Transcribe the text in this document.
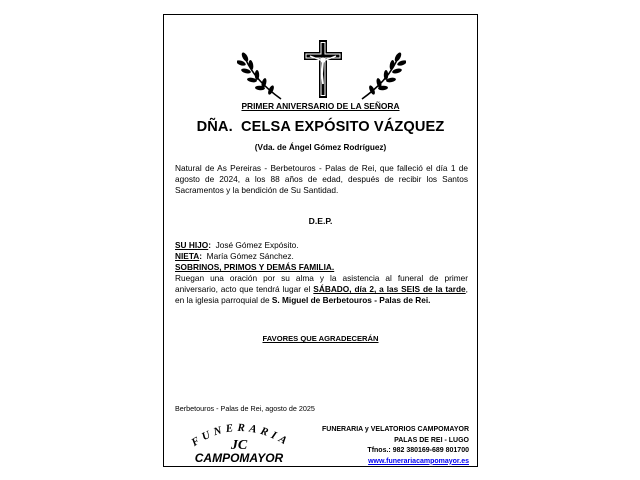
PRIMER ANIVERSARIO DE LA SEÑORA
DÑA.  CELSA EXPÓSITO VÁZQUEZ
(Vda. de Ángel Gómez Rodríguez)
Natural de As Pereiras - Berbetouros - Palas de Rei, que falleció el día 1 de agosto de 2024, a los 88 años de edad, después de recibir los Santos Sacramentos y la bendición de Su Santidad.
D.E.P.
SU HIJO: José Gómez Expósito.
NIETA: María Gómez Sánchez.
SOBRINOS, PRIMOS Y DEMÁS FAMILIA.
Ruegan una oración por su alma y la asistencia al funeral de primer aniversario, acto que tendrá lugar el SÁBADO, día 2, a las SEIS de la tarde, en la iglesia parroquial de S. Miguel de Berbetouros - Palas de Rei.
FAVORES QUE AGRADECERÁN
Berbetouros - Palas de Rei, agosto de 2025
FUNERARIA
JC
CAMPOMAYOR
FUNERARIA y VELATORIOS CAMPOMAYOR
PALAS DE REI - LUGO
Tfnos.: 982 380169-689 801700
www.funerariacampomayor.es
